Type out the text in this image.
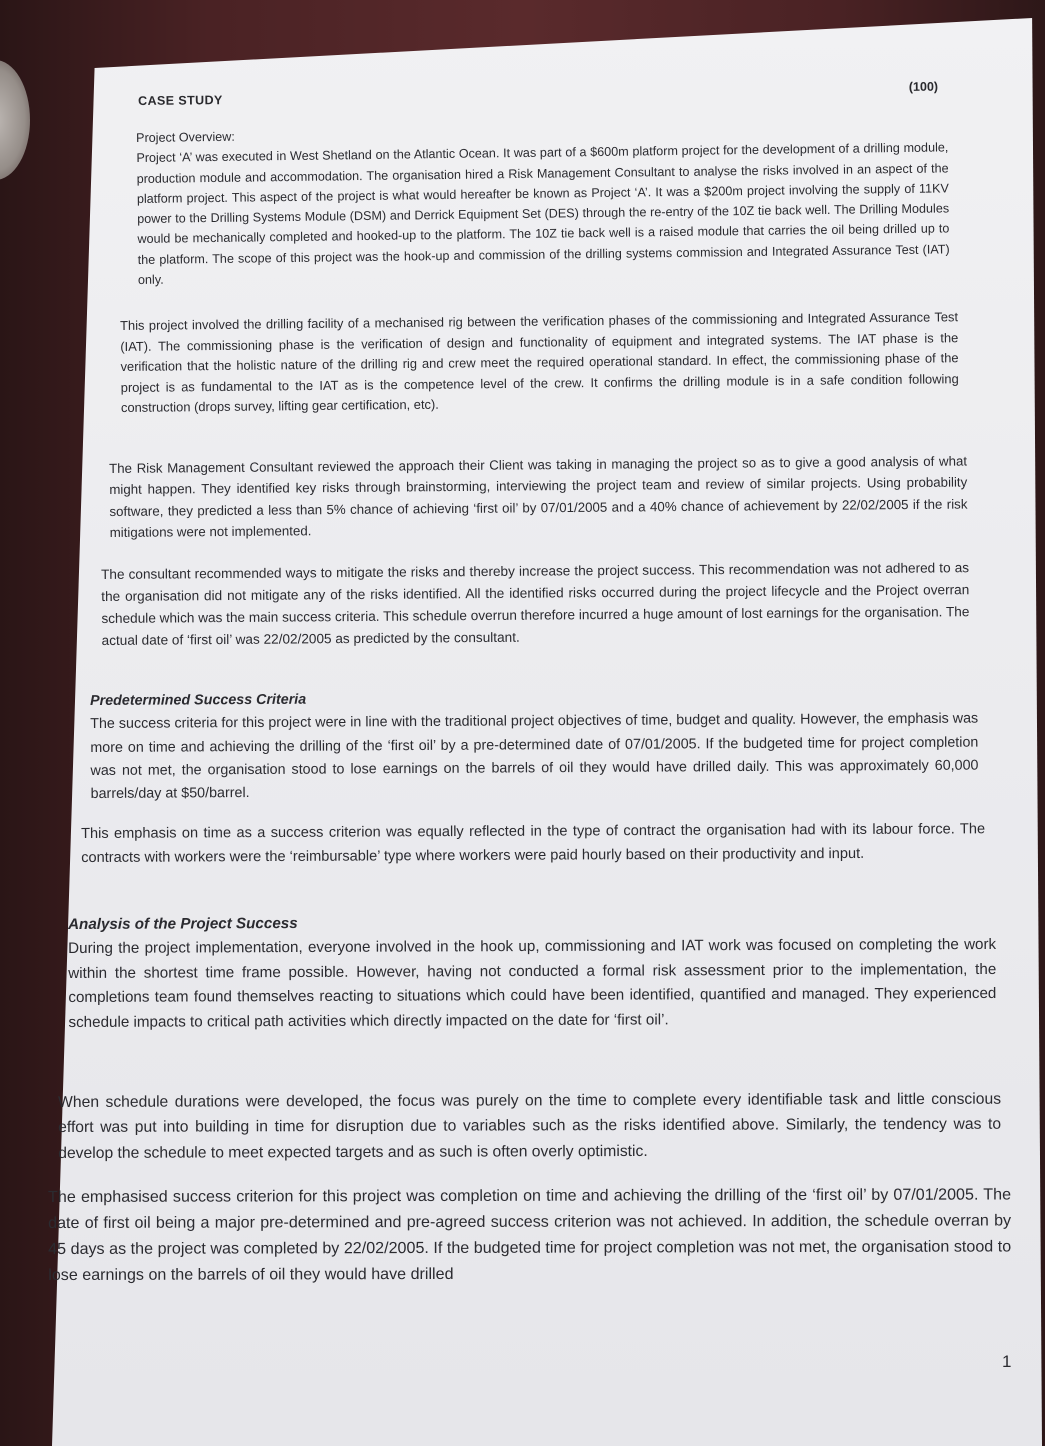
CASE STUDY
(100)
Project Overview:
Project ‘A’ was executed in West Shetland on the Atlantic Ocean. It was part of a $600m platform project for the development of a drilling module, production module and accommodation. The organisation hired a Risk Management Consultant to analyse the risks involved in an aspect of the platform project. This aspect of the project is what would hereafter be known as Project ‘A’. It was a $200m project involving the supply of 11KV power to the Drilling Systems Module (DSM) and Derrick Equipment Set (DES) through the re-entry of the 10Z tie back well. The Drilling Modules would be mechanically completed and hooked-up to the platform. The 10Z tie back well is a raised module that carries the oil being drilled up to the platform. The scope of this project was the hook-up and commission of the drilling systems commission and Integrated Assurance Test (IAT) only.
This project involved the drilling facility of a mechanised rig between the verification phases of the commissioning and Integrated Assurance Test (IAT). The commissioning phase is the verification of design and functionality of equipment and integrated systems. The IAT phase is the verification that the holistic nature of the drilling rig and crew meet the required operational standard. In effect, the commissioning phase of the project is as fundamental to the IAT as is the competence level of the crew. It confirms the drilling module is in a safe condition following construction (drops survey, lifting gear certification, etc).
The Risk Management Consultant reviewed the approach their Client was taking in managing the project so as to give a good analysis of what might happen. They identified key risks through brainstorming, interviewing the project team and review of similar projects. Using probability software, they predicted a less than 5% chance of achieving ‘first oil’ by 07/01/2005 and a 40% chance of achievement by 22/02/2005 if the risk mitigations were not implemented.
The consultant recommended ways to mitigate the risks and thereby increase the project success. This recommendation was not adhered to as the organisation did not mitigate any of the risks identified. All the identified risks occurred during the project lifecycle and the Project overran schedule which was the main success criteria. This schedule overrun therefore incurred a huge amount of lost earnings for the organisation. The actual date of ‘first oil’ was 22/02/2005 as predicted by the consultant.
Predetermined Success Criteria
The success criteria for this project were in line with the traditional project objectives of time, budget and quality. However, the emphasis was more on time and achieving the drilling of the ‘first oil’ by a pre-determined date of 07/01/2005. If the budgeted time for project completion was not met, the organisation stood to lose earnings on the barrels of oil they would have drilled daily. This was approximately 60,000 barrels/day at $50/barrel.
This emphasis on time as a success criterion was equally reflected in the type of contract the organisation had with its labour force. The contracts with workers were the ‘reimbursable’ type where workers were paid hourly based on their productivity and input.
Analysis of the Project Success
During the project implementation, everyone involved in the hook up, commissioning and IAT work was focused on completing the work within the shortest time frame possible. However, having not conducted a formal risk assessment prior to the implementation, the completions team found themselves reacting to situations which could have been identified, quantified and managed. They experienced schedule impacts to critical path activities which directly impacted on the date for ‘first oil’.
When schedule durations were developed, the focus was purely on the time to complete every identifiable task and little conscious effort was put into building in time for disruption due to variables such as the risks identified above. Similarly, the tendency was to develop the schedule to meet expected targets and as such is often overly optimistic.
The emphasised success criterion for this project was completion on time and achieving the drilling of the ‘first oil’ by 07/01/2005. The date of first oil being a major pre-determined and pre-agreed success criterion was not achieved. In addition, the schedule overran by 45 days as the project was completed by 22/02/2005. If the budgeted time for project completion was not met, the organisation stood to lose earnings on the barrels of oil they would have drilled
1
